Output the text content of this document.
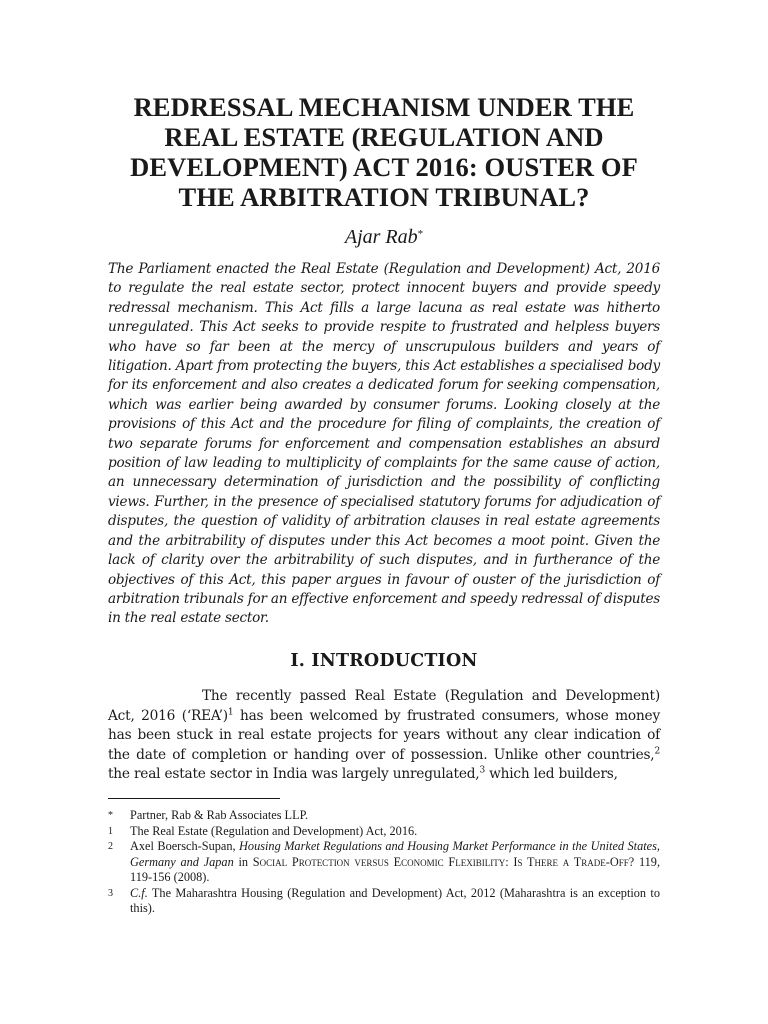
REDRESSAL MECHANISM UNDER THE
REAL ESTATE (REGULATION AND
DEVELOPMENT) ACT 2016: OUSTER OF
THE ARBITRATION TRIBUNAL?
Ajar Rab*

The Parliament enacted the Real Estate (Regulation and Development) Act, 2016 to regulate the real estate sector, protect innocent buyers and provide speedy redressal mechanism. This Act fills a large lacuna as real estate was hitherto unregulated. This Act seeks to provide respite to frustrated and helpless buyers who have so far been at the mercy of unscrupulous builders and years of litigation. Apart from protecting the buyers, this Act establishes a specialised body for its enforcement and also creates a dedicated forum for seeking compensation, which was earlier being awarded by consumer forums. Looking closely at the provisions of this Act and the procedure for filing of complaints, the creation of two separate forums for enforcement and compensation establishes an absurd position of law leading to multiplicity of complaints for the same cause of action, an unnecessary determination of jurisdiction and the possibility of conflicting views. Further, in the presence of specialised statutory forums for adjudication of disputes, the question of validity of arbitration clauses in real estate agreements and the arbitrability of disputes under this Act becomes a moot point. Given the lack of clarity over the arbitrability of such disputes, and in furtherance of the objectives of this Act, this paper argues in favour of ouster of the jurisdiction of arbitration tribunals for an effective enforcement and speedy redressal of disputes in the real estate sector.

I. INTRODUCTION

The recently passed Real Estate (Regulation and Development) Act, 2016 (‘REA’)$^1$ has been welcomed by frustrated consumers, whose money has been stuck in real estate projects for years without any clear indication of the date of completion or handing over of possession. Unlike other countries,$^2$ the real estate sector in India was largely unregulated,$^3$ which led builders,

*	Partner, Rab & Rab Associates LLP.
1	The Real Estate (Regulation and Development) Act, 2016.
2	Axel Boersch-Supan, Housing Market Regulations and Housing Market Performance in the United States, Germany and Japan in Social Protection versus Economic Flexibility: Is There a Trade-Off? 119, 119-156 (2008).
3	C.f. The Maharashtra Housing (Regulation and Development) Act, 2012 (Maharashtra is an exception to this).
